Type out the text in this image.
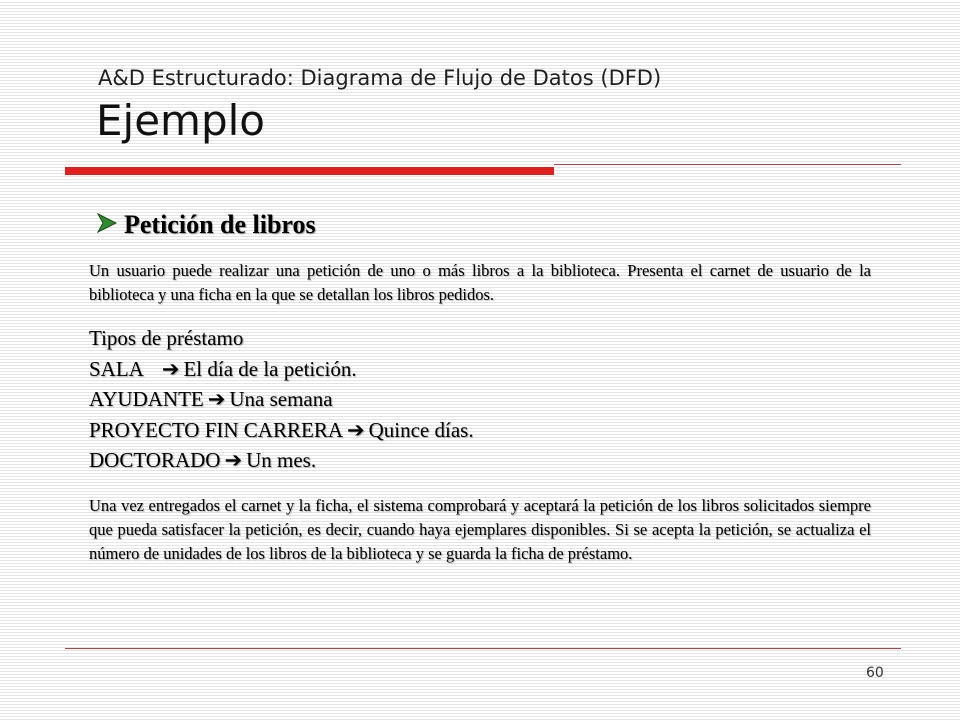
A&D Estructurado: Diagrama de Flujo de Datos (DFD)
Ejemplo
Petición de libros
Un usuario puede realizar una petición de uno o más libros a la biblioteca. Presenta el carnet de usuario de la biblioteca y una ficha en la que se detallan los libros pedidos.
Tipos de préstamo
SALA ➔ El día de la petición.
AYUDANTE ➔ Una semana
PROYECTO FIN CARRERA ➔ Quince días.
DOCTORADO ➔ Un mes.
Una vez entregados el carnet y la ficha, el sistema comprobará y aceptará la petición de los libros solicitados siempre que pueda satisfacer la petición, es decir, cuando haya ejemplares disponibles. Si se acepta la petición, se actualiza el número de unidades de los libros de la biblioteca y se guarda la ficha de préstamo.
60
